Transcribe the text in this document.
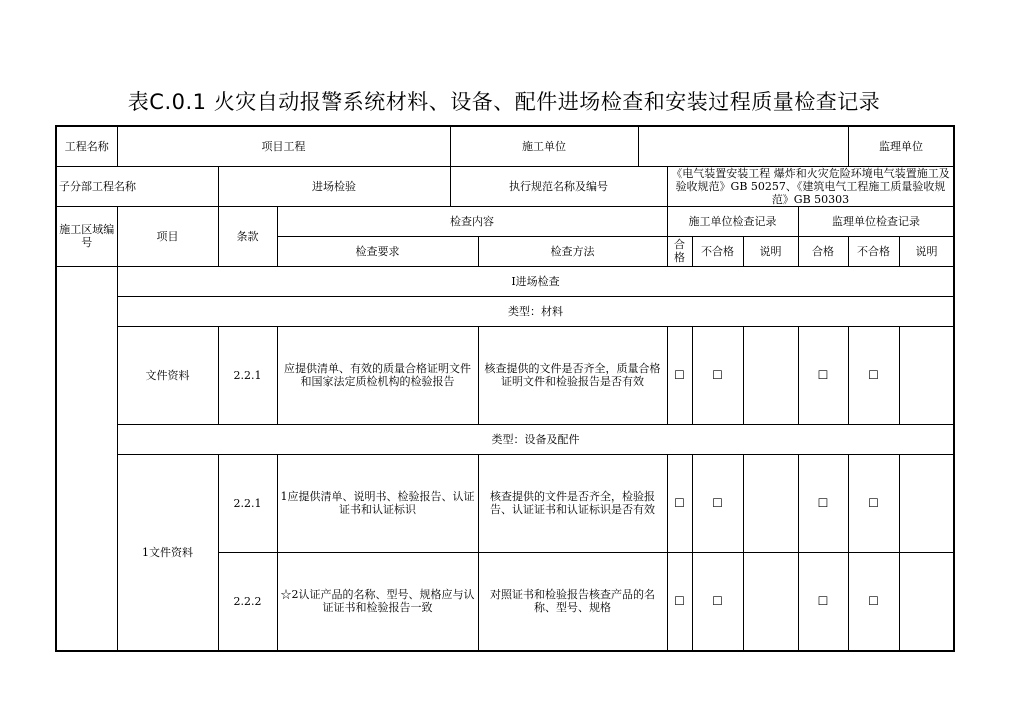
表C.0.1 火灾自动报警系统材料、设备、配件进场检查和安装过程质量检查记录
工程名称	项目工程			施工单位							监理单位		
子分部工程名称		进场检验		执行规范名称及编号			《电气装置安装工程 爆炸和火灾危险环境电气装置施工及验收规范》GB 50257、《建筑电气工程施工质量验收规范》GB 50303						
施工区域编号	项目	条款	检查内容				施工单位检查记录			监理单位检查记录			
			检查要求		检查方法		合格	不合格	说明	合格	不合格	说明	
	Ⅰ进场检查												
	类型：材料												
	文件资料	2.2.1	应提供清单、有效的质量合格证明文件和国家法定质检机构的检验报告		核查提供的文件是否齐全，质量合格证明文件和检验报告是否有效		☐	☐		☐	☐		
	类型：设备及配件												
	1文件资料	2.2.1	1应提供清单、说明书、检验报告、认证证书和认证标识		核查提供的文件是否齐全，检验报告、认证证书和认证标识是否有效		☐	☐		☐	☐		
		2.2.2	☆2认证产品的名称、型号、规格应与认证证书和检验报告一致		对照证书和检验报告核查产品的名称、型号、规格		☐	☐		☐	☐		
